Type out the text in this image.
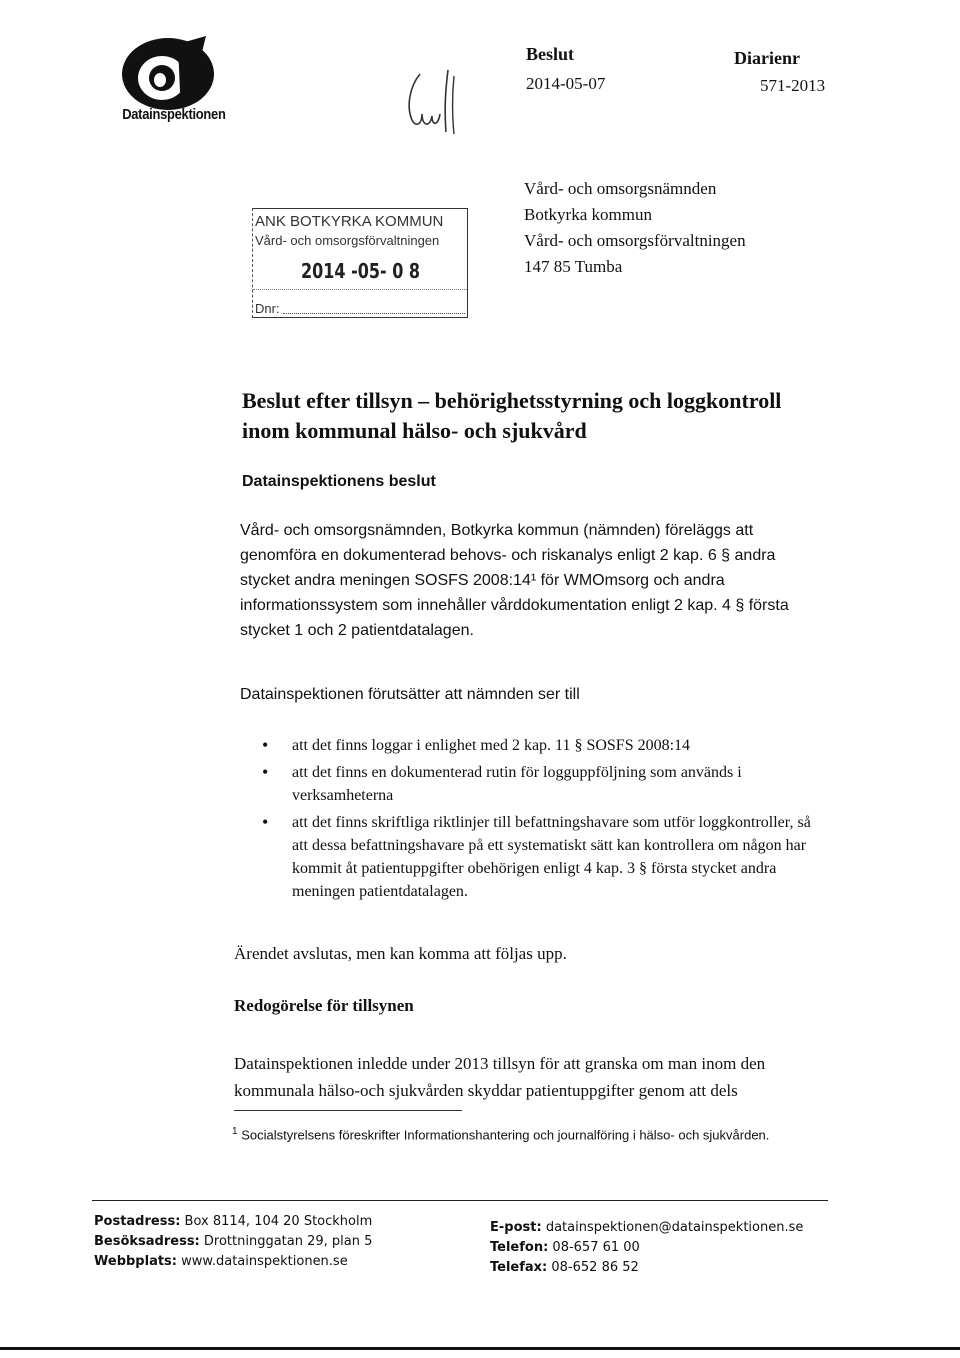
Datainspektionen
Beslut
2014-05-07
Diarienr
571-2013
ANK BOTKYRKA KOMMUN
Vård- och omsorgsförvaltningen
2014 -05- 0 8
Dnr:
Vård- och omsorgsnämnden
Botkyrka kommun
Vård- och omsorgsförvaltningen
147 85 Tumba
Beslut efter tillsyn – behörighetsstyrning och loggkontroll inom kommunal hälso- och sjukvård
Datainspektionens beslut
Vård- och omsorgsnämnden, Botkyrka kommun (nämnden) föreläggs att genomföra en dokumenterad behovs- och riskanalys enligt 2 kap. 6 § andra stycket andra meningen SOSFS 2008:14¹ för WMOmsorg och andra informationssystem som innehåller vårddokumentation enligt 2 kap. 4 § första stycket 1 och 2 patientdatalagen.
Datainspektionen förutsätter att nämnden ser till
• att det finns loggar i enlighet med 2 kap. 11 § SOSFS 2008:14
• att det finns en dokumenterad rutin för logguppföljning som används i verksamheterna
• att det finns skriftliga riktlinjer till befattningshavare som utför loggkontroller, så att dessa befattningshavare på ett systematiskt sätt kan kontrollera om någon har kommit åt patientuppgifter obehörigen enligt 4 kap. 3 § första stycket andra meningen patientdatalagen.
Ärendet avslutas, men kan komma att följas upp.
Redogörelse för tillsynen
Datainspektionen inledde under 2013 tillsyn för att granska om man inom den kommunala hälso-och sjukvården skyddar patientuppgifter genom att dels
$^1$ Socialstyrelsens föreskrifter Informationshantering och journalföring i hälso- och sjukvården.
Postadress: Box 8114, 104 20 Stockholm
Besöksadress: Drottninggatan 29, plan 5
Webbplats: www.datainspektionen.se
E-post: datainspektionen@datainspektionen.se
Telefon: 08-657 61 00
Telefax: 08-652 86 52
